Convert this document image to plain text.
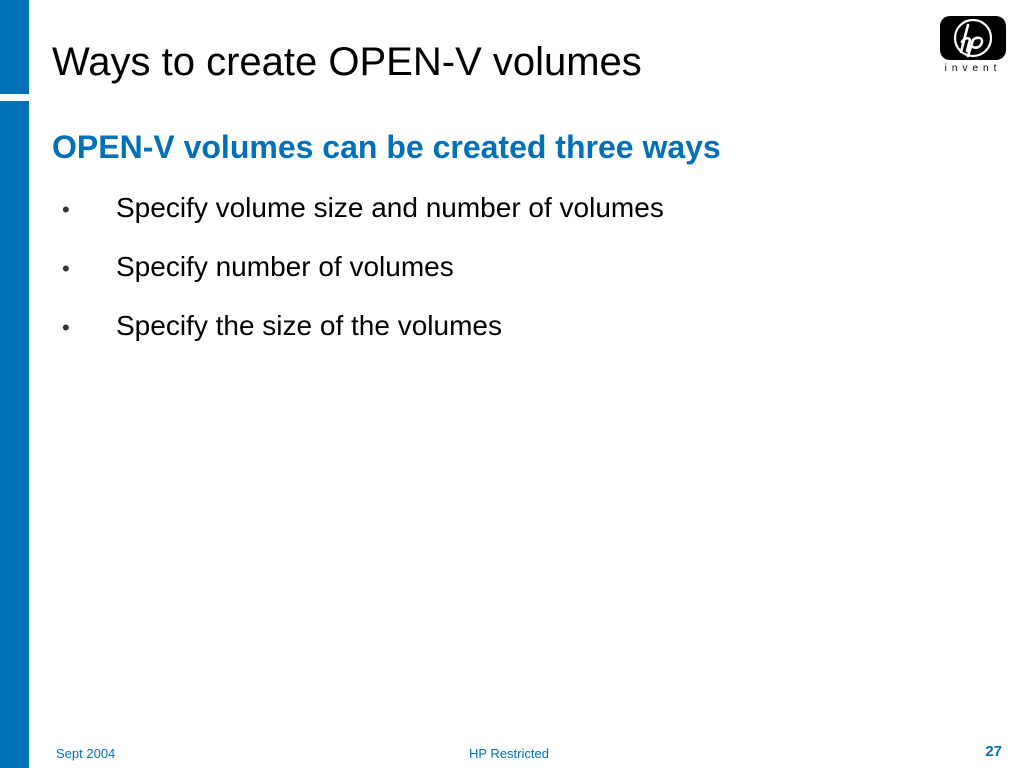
Ways to create OPEN-V volumes
OPEN-V volumes can be created three ways
•	Specify volume size and number of volumes
•	Specify number of volumes
•	Specify the size of the volumes
invent
Sept 2004	HP Restricted	27
